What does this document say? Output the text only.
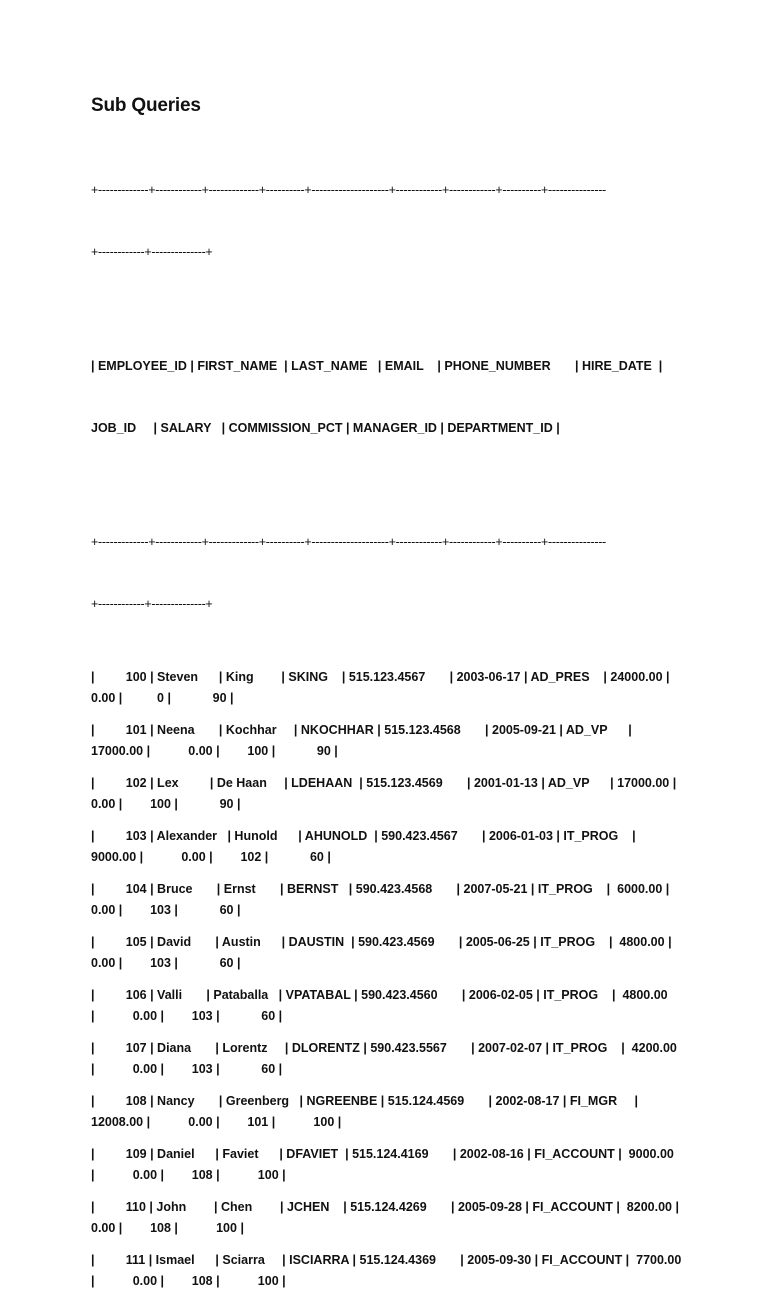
Sub Queries

+-------------+------------+-------------+----------+--------------------+------------+------------+----------+---------------

+------------+--------------+

| EMPLOYEE_ID | FIRST_NAME  | LAST_NAME   | EMAIL    | PHONE_NUMBER       | HIRE_DATE  |

JOB_ID     | SALARY   | COMMISSION_PCT | MANAGER_ID | DEPARTMENT_ID |

+-------------+------------+-------------+----------+--------------------+------------+------------+----------+---------------

+------------+--------------+

|         100 | Steven      | King        | SKING    | 515.123.4567       | 2003-06-17 | AD_PRES    | 24000.00 |
0.00 |          0 |            90 |
|         101 | Neena       | Kochhar     | NKOCHHAR | 515.123.4568       | 2005-09-21 | AD_VP      |
17000.00 |           0.00 |        100 |            90 |
|         102 | Lex         | De Haan     | LDEHAAN  | 515.123.4569       | 2001-01-13 | AD_VP      | 17000.00 |
0.00 |        100 |            90 |
|         103 | Alexander   | Hunold      | AHUNOLD  | 590.423.4567       | 2006-01-03 | IT_PROG    |
9000.00 |           0.00 |        102 |            60 |
|         104 | Bruce       | Ernst       | BERNST   | 590.423.4568       | 2007-05-21 | IT_PROG    |  6000.00 |
0.00 |        103 |            60 |
|         105 | David       | Austin      | DAUSTIN  | 590.423.4569       | 2005-06-25 | IT_PROG    |  4800.00 |
0.00 |        103 |            60 |
|         106 | Valli       | Pataballa   | VPATABAL | 590.423.4560       | 2006-02-05 | IT_PROG    |  4800.00
|           0.00 |        103 |            60 |
|         107 | Diana       | Lorentz     | DLORENTZ | 590.423.5567       | 2007-02-07 | IT_PROG    |  4200.00
|           0.00 |        103 |            60 |
|         108 | Nancy       | Greenberg   | NGREENBE | 515.124.4569       | 2002-08-17 | FI_MGR     |
12008.00 |           0.00 |        101 |           100 |
|         109 | Daniel      | Faviet      | DFAVIET  | 515.124.4169       | 2002-08-16 | FI_ACCOUNT |  9000.00
|           0.00 |        108 |           100 |
|         110 | John        | Chen        | JCHEN    | 515.124.4269       | 2005-09-28 | FI_ACCOUNT |  8200.00 |
0.00 |        108 |           100 |
|         111 | Ismael      | Sciarra     | ISCIARRA | 515.124.4369       | 2005-09-30 | FI_ACCOUNT |  7700.00
|           0.00 |        108 |           100 |
